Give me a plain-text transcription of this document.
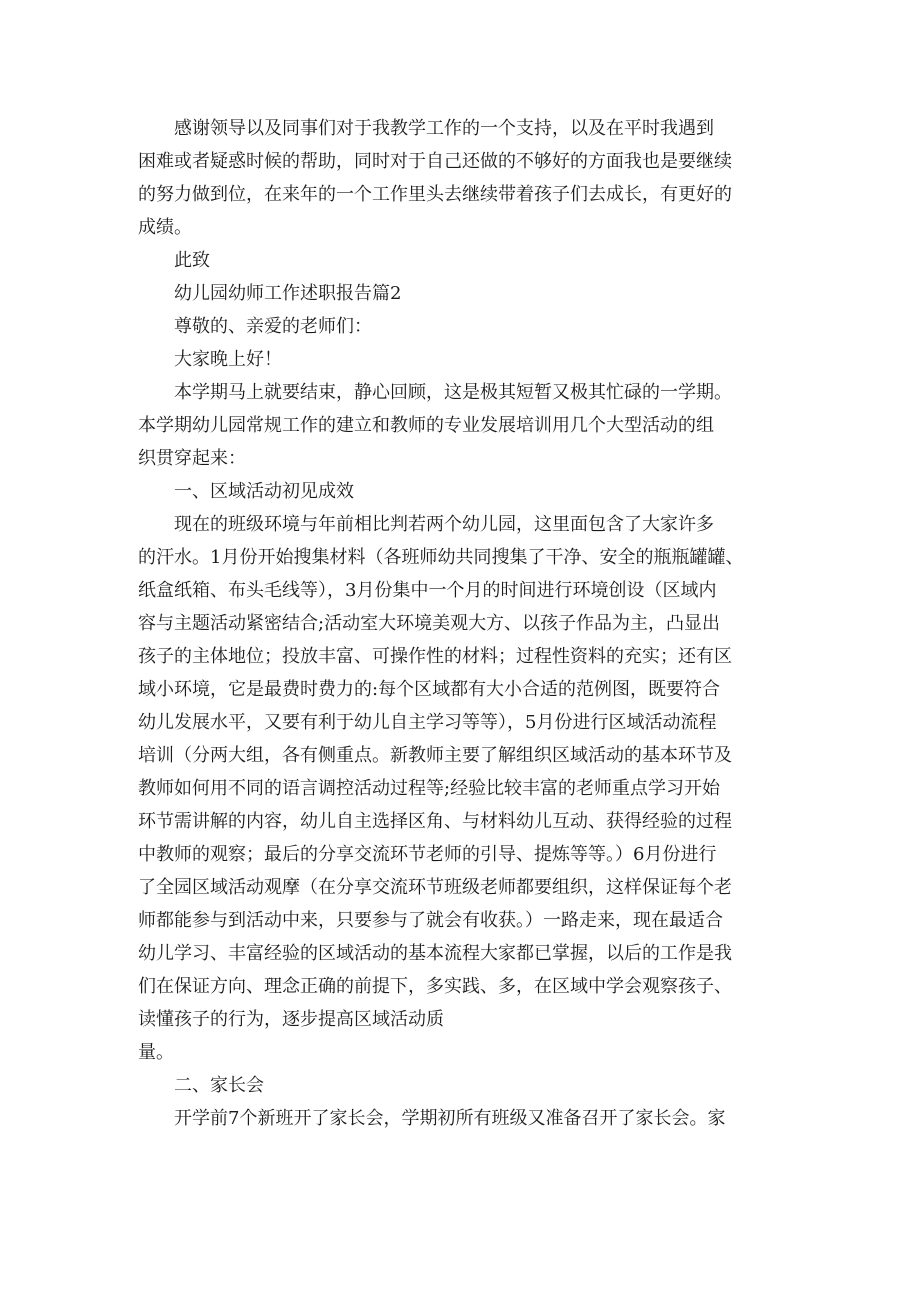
感谢领导以及同事们对于我教学工作的一个支持，以及在平时我遇到
困难或者疑惑时候的帮助，同时对于自己还做的不够好的方面我也是要继续
的努力做到位，在来年的一个工作里头去继续带着孩子们去成长，有更好的
成绩。
此致
幼儿园幼师工作述职报告篇2
尊敬的、亲爱的老师们：
大家晚上好！
本学期马上就要结束，静心回顾，这是极其短暂又极其忙碌的一学期。
本学期幼儿园常规工作的建立和教师的专业发展培训用几个大型活动的组
织贯穿起来：
一、区域活动初见成效
现在的班级环境与年前相比判若两个幼儿园，这里面包含了大家许多
的汗水。1月份开始搜集材料（各班师幼共同搜集了干净、安全的瓶瓶罐罐、
纸盒纸箱、布头毛线等），3月份集中一个月的时间进行环境创设（区域内
容与主题活动紧密结合;活动室大环境美观大方、以孩子作品为主，凸显出
孩子的主体地位；投放丰富、可操作性的材料；过程性资料的充实；还有区
域小环境，它是最费时费力的:每个区域都有大小合适的范例图，既要符合
幼儿发展水平，又要有利于幼儿自主学习等等），5月份进行区域活动流程
培训（分两大组，各有侧重点。新教师主要了解组织区域活动的基本环节及
教师如何用不同的语言调控活动过程等;经验比较丰富的老师重点学习开始
环节需讲解的内容，幼儿自主选择区角、与材料幼儿互动、获得经验的过程
中教师的观察；最后的分享交流环节老师的引导、提炼等等。）6月份进行
了全园区域活动观摩（在分享交流环节班级老师都要组织，这样保证每个老
师都能参与到活动中来，只要参与了就会有收获。）一路走来，现在最适合
幼儿学习、丰富经验的区域活动的基本流程大家都已掌握，以后的工作是我
们在保证方向、理念正确的前提下，多实践、多，在区域中学会观察孩子、
读懂孩子的行为，逐步提高区域活动质
量。
二、家长会
开学前7个新班开了家长会，学期初所有班级又准备召开了家长会。家
